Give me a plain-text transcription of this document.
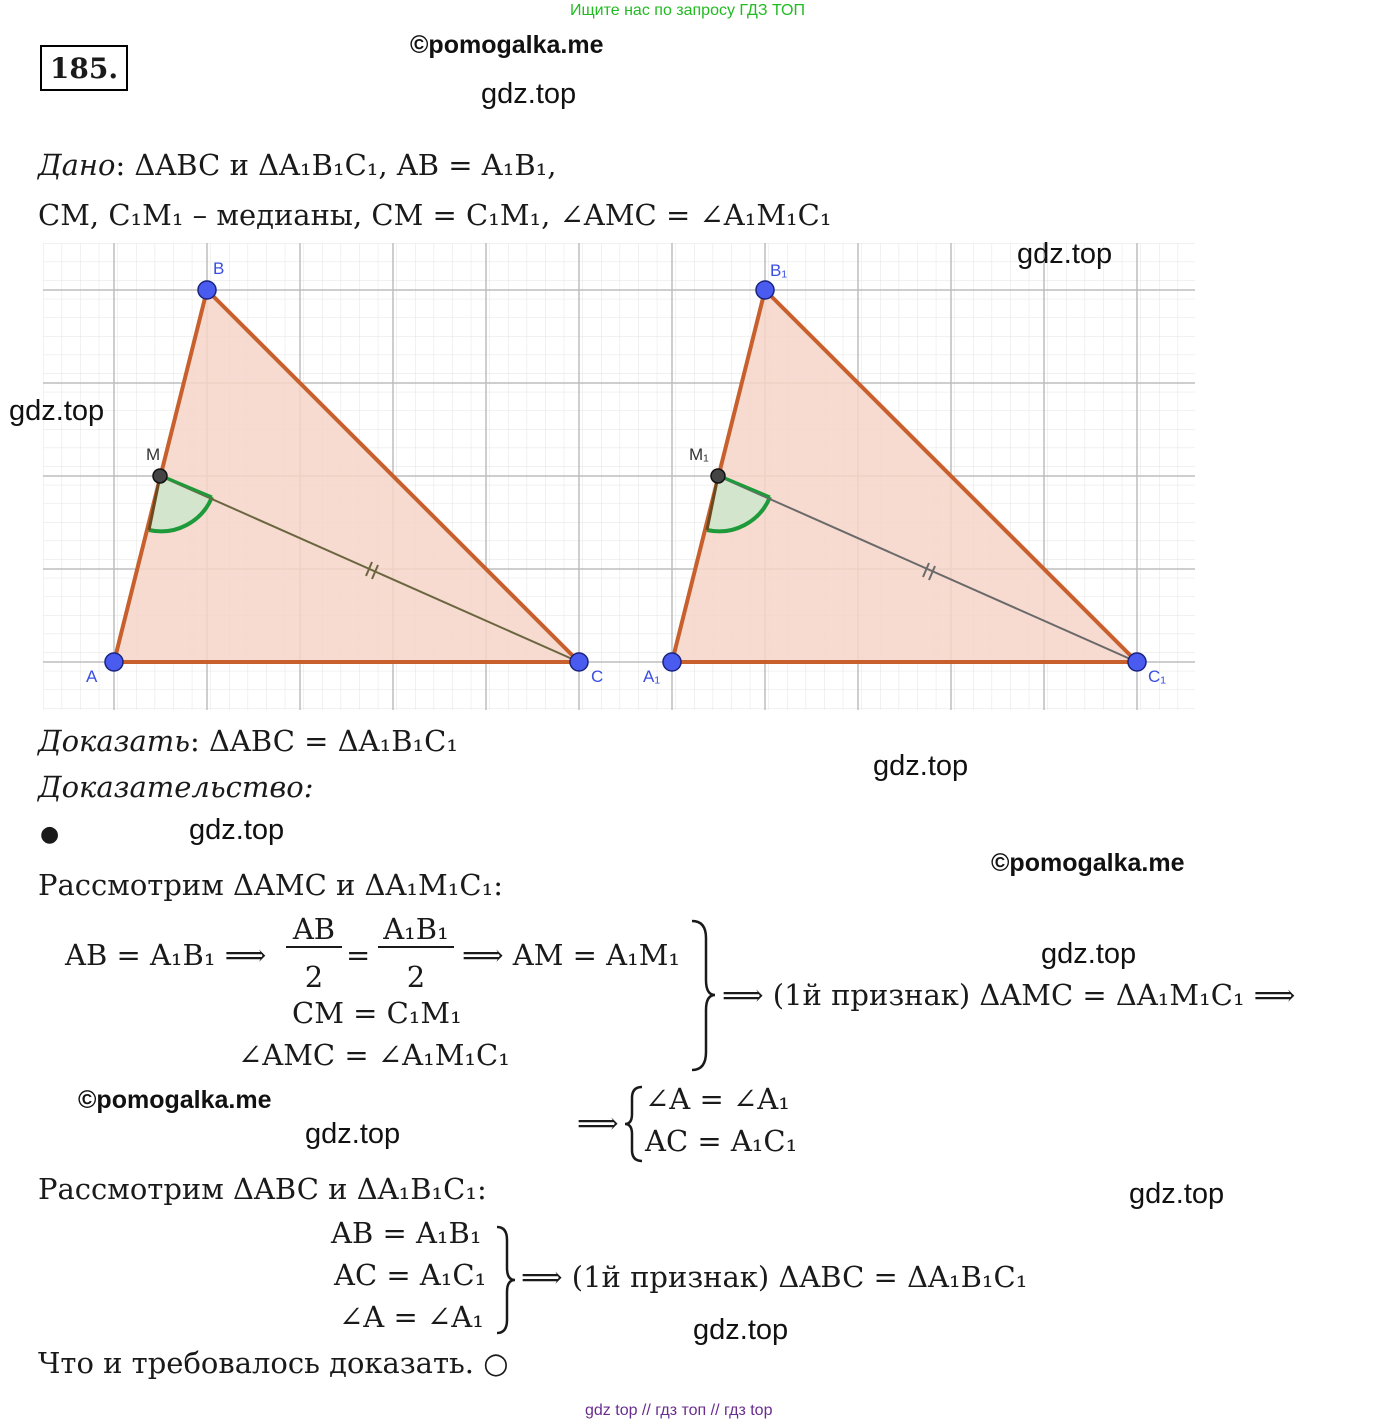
Ищите нас по запросу ГДЗ ТОП
185.
©pomogalka.me
gdz.top
Дано: ΔABC и ΔA₁B₁C₁, AB = A₁B₁,
CM, C₁M₁ – медианы, CM = C₁M₁, ∠AMC = ∠A₁M₁C₁
A
B
C
M
A₁
B₁
C₁
M₁
gdz.top
gdz.top
Доказать: ΔABC = ΔA₁B₁C₁
gdz.top
Доказательство:
●	gdz.top
©pomogalka.me
Рассмотрим ΔAMC и ΔA₁M₁C₁:
AB = A₁B₁ ⟹
AB
2
=
A₁B₁
2
⟹ AM = A₁M₁
CM = C₁M₁
∠AMC = ∠A₁M₁C₁
⟹ (1й признак) ΔAMC = ΔA₁M₁C₁ ⟹
gdz.top
©pomogalka.me
gdz.top	⟹
∠A = ∠A₁
AC = A₁C₁
Рассмотрим ΔABC и ΔA₁B₁C₁:	gdz.top
AB = A₁B₁
AC = A₁C₁
∠A = ∠A₁
⟹ (1й признак) ΔABC = ΔA₁B₁C₁
gdz.top
Что и требовалось доказать. ○
gdz top // гдз топ // гдз top
